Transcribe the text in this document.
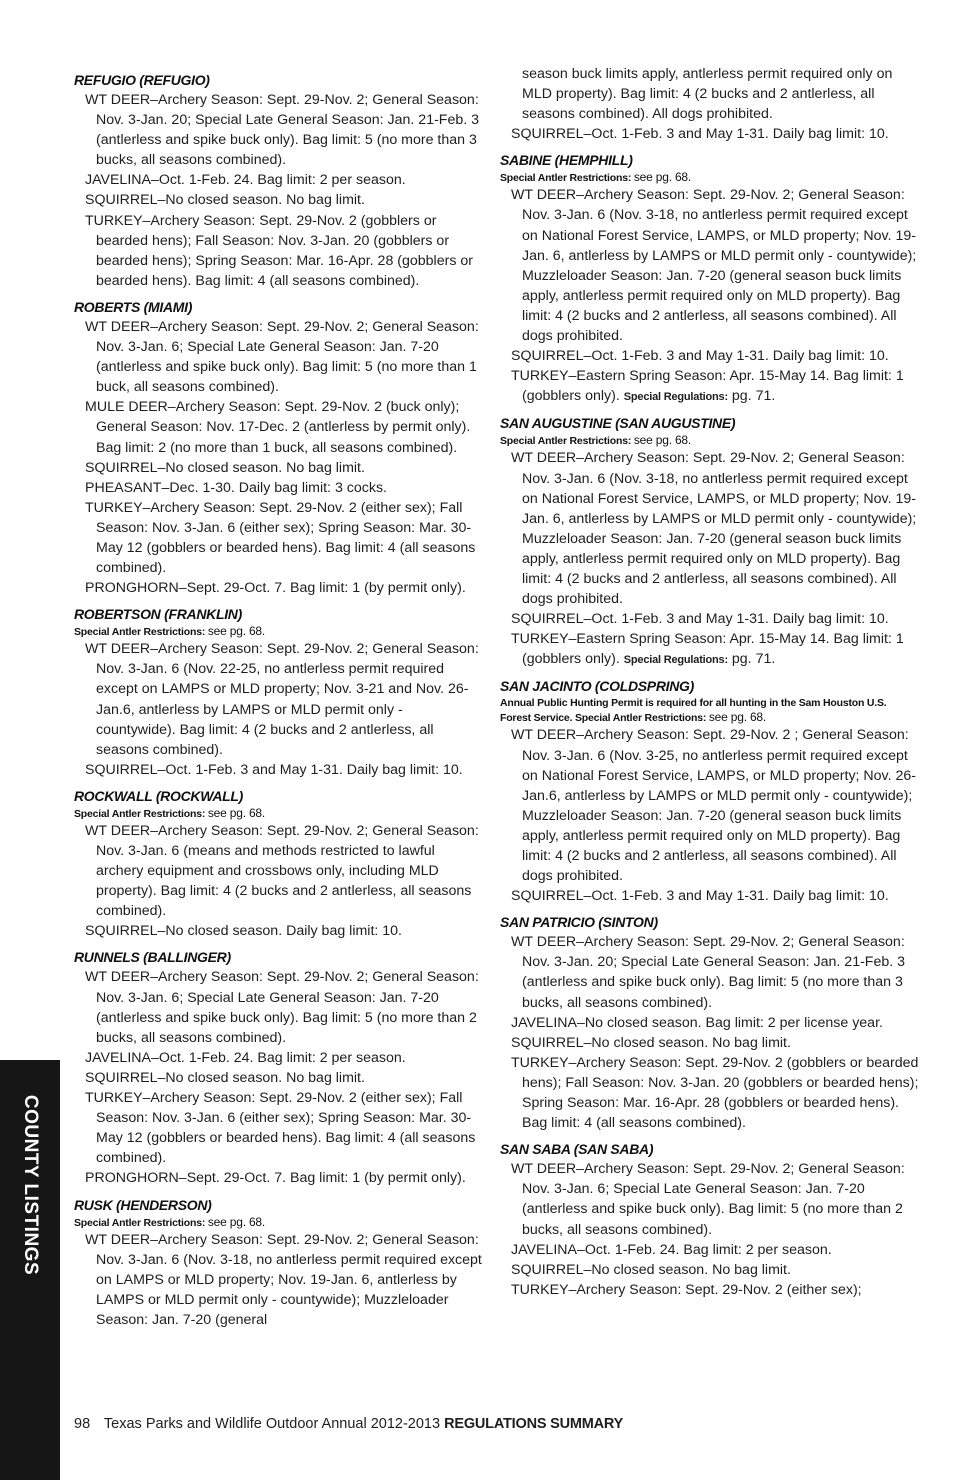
REFUGIO (REFUGIO)
WT DEER–Archery Season: Sept. 29-Nov. 2; General Season: Nov. 3-Jan. 20; Special Late General Season: Jan. 21-Feb. 3 (antlerless and spike buck only). Bag limit: 5 (no more than 3 bucks, all seasons combined).
JAVELINA–Oct. 1-Feb. 24. Bag limit: 2 per season.
SQUIRREL–No closed season. No bag limit.
TURKEY–Archery Season: Sept. 29-Nov. 2 (gobblers or bearded hens); Fall Season: Nov. 3-Jan. 20 (gobblers or bearded hens); Spring Season: Mar. 16-Apr. 28 (gobblers or bearded hens). Bag limit: 4 (all seasons combined).
ROBERTS (MIAMI)
WT DEER–Archery Season: Sept. 29-Nov. 2; General Season: Nov. 3-Jan. 6; Special Late General Season: Jan. 7-20 (antlerless and spike buck only). Bag limit: 5 (no more than 1 buck, all seasons combined).
MULE DEER–Archery Season: Sept. 29-Nov. 2 (buck only); General Season: Nov. 17-Dec. 2 (antlerless by permit only). Bag limit: 2 (no more than 1 buck, all seasons combined).
SQUIRREL–No closed season. No bag limit.
PHEASANT–Dec. 1-30. Daily bag limit: 3 cocks.
TURKEY–Archery Season: Sept. 29-Nov. 2 (either sex); Fall Season: Nov. 3-Jan. 6 (either sex); Spring Season: Mar. 30-May 12 (gobblers or bearded hens). Bag limit: 4 (all seasons combined).
PRONGHORN–Sept. 29-Oct. 7. Bag limit: 1 (by permit only).
ROBERTSON (FRANKLIN)
Special Antler Restrictions: see pg. 68.
WT DEER–Archery Season: Sept. 29-Nov. 2; General Season: Nov. 3-Jan. 6 (Nov. 22-25, no antlerless permit required except on LAMPS or MLD property; Nov. 3-21 and Nov. 26-Jan.6, antlerless by LAMPS or MLD permit only - countywide). Bag limit: 4 (2 bucks and 2 antlerless, all seasons combined).
SQUIRREL–Oct. 1-Feb. 3 and May 1-31. Daily bag limit: 10.
ROCKWALL (ROCKWALL)
Special Antler Restrictions: see pg. 68.
WT DEER–Archery Season: Sept. 29-Nov. 2; General Season: Nov. 3-Jan. 6 (means and methods restricted to lawful archery equipment and crossbows only, including MLD property). Bag limit: 4 (2 bucks and 2 antlerless, all seasons combined).
SQUIRREL–No closed season. Daily bag limit: 10.
RUNNELS (BALLINGER)
WT DEER–Archery Season: Sept. 29-Nov. 2; General Season: Nov. 3-Jan. 6; Special Late General Season: Jan. 7-20 (antlerless and spike buck only). Bag limit: 5 (no more than 2 bucks, all seasons combined).
JAVELINA–Oct. 1-Feb. 24. Bag limit: 2 per season.
SQUIRREL–No closed season. No bag limit.
TURKEY–Archery Season: Sept. 29-Nov. 2 (either sex); Fall Season: Nov. 3-Jan. 6 (either sex); Spring Season: Mar. 30-May 12 (gobblers or bearded hens). Bag limit: 4 (all seasons combined).
PRONGHORN–Sept. 29-Oct. 7. Bag limit: 1 (by permit only).
RUSK (HENDERSON)
Special Antler Restrictions: see pg. 68.
WT DEER–Archery Season: Sept. 29-Nov. 2; General Season: Nov. 3-Jan. 6 (Nov. 3-18, no antlerless permit required except on LAMPS or MLD property; Nov. 19-Jan. 6, antlerless by LAMPS or MLD permit only - countywide); Muzzleloader Season: Jan. 7-20 (general
season buck limits apply, antlerless permit required only on MLD property). Bag limit: 4 (2 bucks and 2 antlerless, all seasons combined). All dogs prohibited.
SQUIRREL–Oct. 1-Feb. 3 and May 1-31. Daily bag limit: 10.
SABINE (HEMPHILL)
Special Antler Restrictions: see pg. 68.
WT DEER–Archery Season: Sept. 29-Nov. 2; General Season: Nov. 3-Jan. 6 (Nov. 3-18, no antlerless permit required except on National Forest Service, LAMPS, or MLD property; Nov. 19-Jan. 6, antlerless by LAMPS or MLD permit only - countywide); Muzzleloader Season: Jan. 7-20 (general season buck limits apply, antlerless permit required only on MLD property). Bag limit: 4 (2 bucks and 2 antlerless, all seasons combined). All dogs prohibited.
SQUIRREL–Oct. 1-Feb. 3 and May 1-31. Daily bag limit: 10.
TURKEY–Eastern Spring Season: Apr. 15-May 14. Bag limit: 1 (gobblers only). Special Regulations: pg. 71.
SAN AUGUSTINE (SAN AUGUSTINE)
Special Antler Restrictions: see pg. 68.
WT DEER–Archery Season: Sept. 29-Nov. 2; General Season: Nov. 3-Jan. 6 (Nov. 3-18, no antlerless permit required except on National Forest Service, LAMPS, or MLD property; Nov. 19-Jan. 6, antlerless by LAMPS or MLD permit only - countywide); Muzzleloader Season: Jan. 7-20 (general season buck limits apply, antlerless permit required only on MLD property). Bag limit: 4 (2 bucks and 2 antlerless, all seasons combined). All dogs prohibited.
SQUIRREL–Oct. 1-Feb. 3 and May 1-31. Daily bag limit: 10.
TURKEY–Eastern Spring Season: Apr. 15-May 14. Bag limit: 1 (gobblers only). Special Regulations: pg. 71.
SAN JACINTO (COLDSPRING)
Annual Public Hunting Permit is required for all hunting in the Sam Houston U.S. Forest Service. Special Antler Restrictions: see pg. 68.
WT DEER–Archery Season: Sept. 29-Nov. 2 ; General Season: Nov. 3-Jan. 6 (Nov. 3-25, no antlerless permit required except on National Forest Service, LAMPS, or MLD property; Nov. 26-Jan.6, antlerless by LAMPS or MLD permit only - countywide); Muzzleloader Season: Jan. 7-20 (general season buck limits apply, antlerless permit required only on MLD property). Bag limit: 4 (2 bucks and 2 antlerless, all seasons combined). All dogs prohibited.
SQUIRREL–Oct. 1-Feb. 3 and May 1-31. Daily bag limit: 10.
SAN PATRICIO (SINTON)
WT DEER–Archery Season: Sept. 29-Nov. 2; General Season: Nov. 3-Jan. 20; Special Late General Season: Jan. 21-Feb. 3 (antlerless and spike buck only). Bag limit: 5 (no more than 3 bucks, all seasons combined).
JAVELINA–No closed season. Bag limit: 2 per license year.
SQUIRREL–No closed season. No bag limit.
TURKEY–Archery Season: Sept. 29-Nov. 2 (gobblers or bearded hens); Fall Season: Nov. 3-Jan. 20 (gobblers or bearded hens); Spring Season: Mar. 16-Apr. 28 (gobblers or bearded hens). Bag limit: 4 (all seasons combined).
SAN SABA (SAN SABA)
WT DEER–Archery Season: Sept. 29-Nov. 2; General Season: Nov. 3-Jan. 6; Special Late General Season: Jan. 7-20 (antlerless and spike buck only). Bag limit: 5 (no more than 2 bucks, all seasons combined).
JAVELINA–Oct. 1-Feb. 24. Bag limit: 2 per season.
SQUIRREL–No closed season. No bag limit.
TURKEY–Archery Season: Sept. 29-Nov. 2 (either sex);
COUNTY LISTINGS
98 Texas Parks and Wildlife Outdoor Annual 2012-2013 REGULATIONS SUMMARY
